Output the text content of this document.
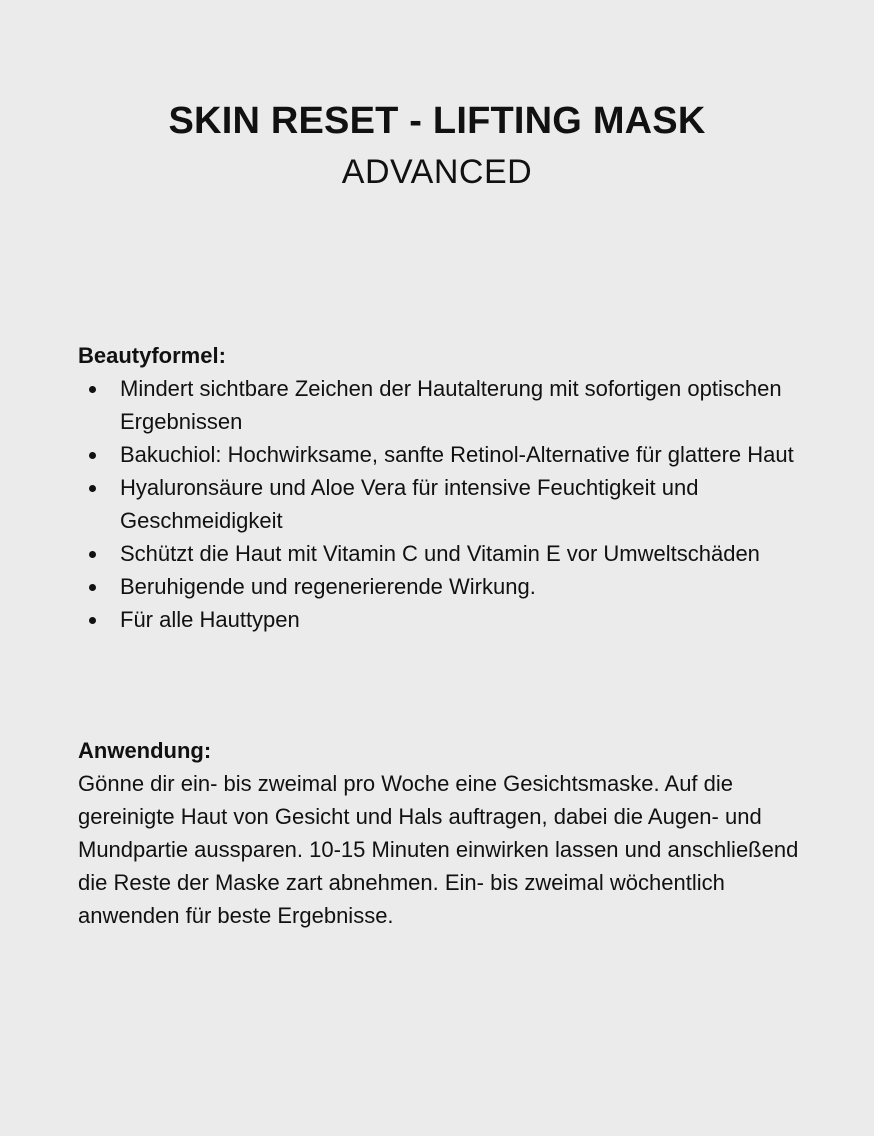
SKIN RESET - LIFTING MASK
ADVANCED
Beautyformel:
Mindert sichtbare Zeichen der Hautalterung mit sofortigen optischen Ergebnissen
Bakuchiol: Hochwirksame, sanfte Retinol-Alternative für glattere Haut
Hyaluronsäure und Aloe Vera für intensive Feuchtigkeit und Geschmeidigkeit
Schützt die Haut mit Vitamin C und Vitamin E vor Umweltschäden
Beruhigende und regenerierende Wirkung.
Für alle Hauttypen
Anwendung:

Gönne dir ein- bis zweimal pro Woche eine Gesichtsmaske. Auf die gereinigte Haut von Gesicht und Hals auftragen, dabei die Augen- und Mundpartie aussparen. 10-15 Minuten einwirken lassen und anschließend die Reste der Maske zart abnehmen. Ein- bis zweimal wöchentlich anwenden für beste Ergebnisse.
